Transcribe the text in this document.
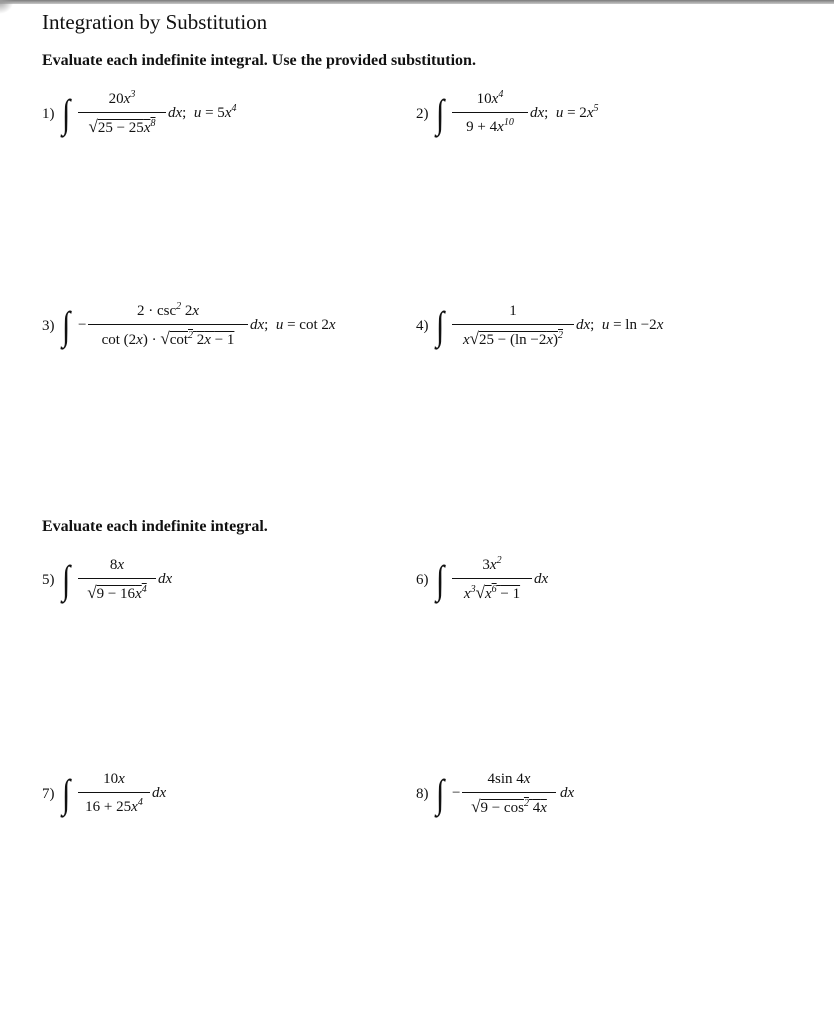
Integration by Substitution
Evaluate each indefinite integral. Use the provided substitution.
1) ∫	$20x^3$
$√25 - 25x^8$
dx;  $u = 5x^4$	2) ∫	$10x^4$
$9 + 4x^{10}$
dx;  $u = 2x^5$
3) ∫ −
$2 \cdot \csc^2 2x$
$\cot (2x) \cdot √\cot^2$ 2x − 1
dx;  u = cot 2x	4) ∫	1
$x√25 - (\ln -2x)^2$
dx;  u = ln −2x
Evaluate each indefinite integral.
5) ∫	8x
$√9 - 16x^4$
dx	6) ∫	$3x^2$
$x^3√x^6 - 1$
dx
7) ∫	10x
$16 + 25x^4$
dx	8) ∫ −
4sin 4x
$√9 - \cos^2 4x$
dx
